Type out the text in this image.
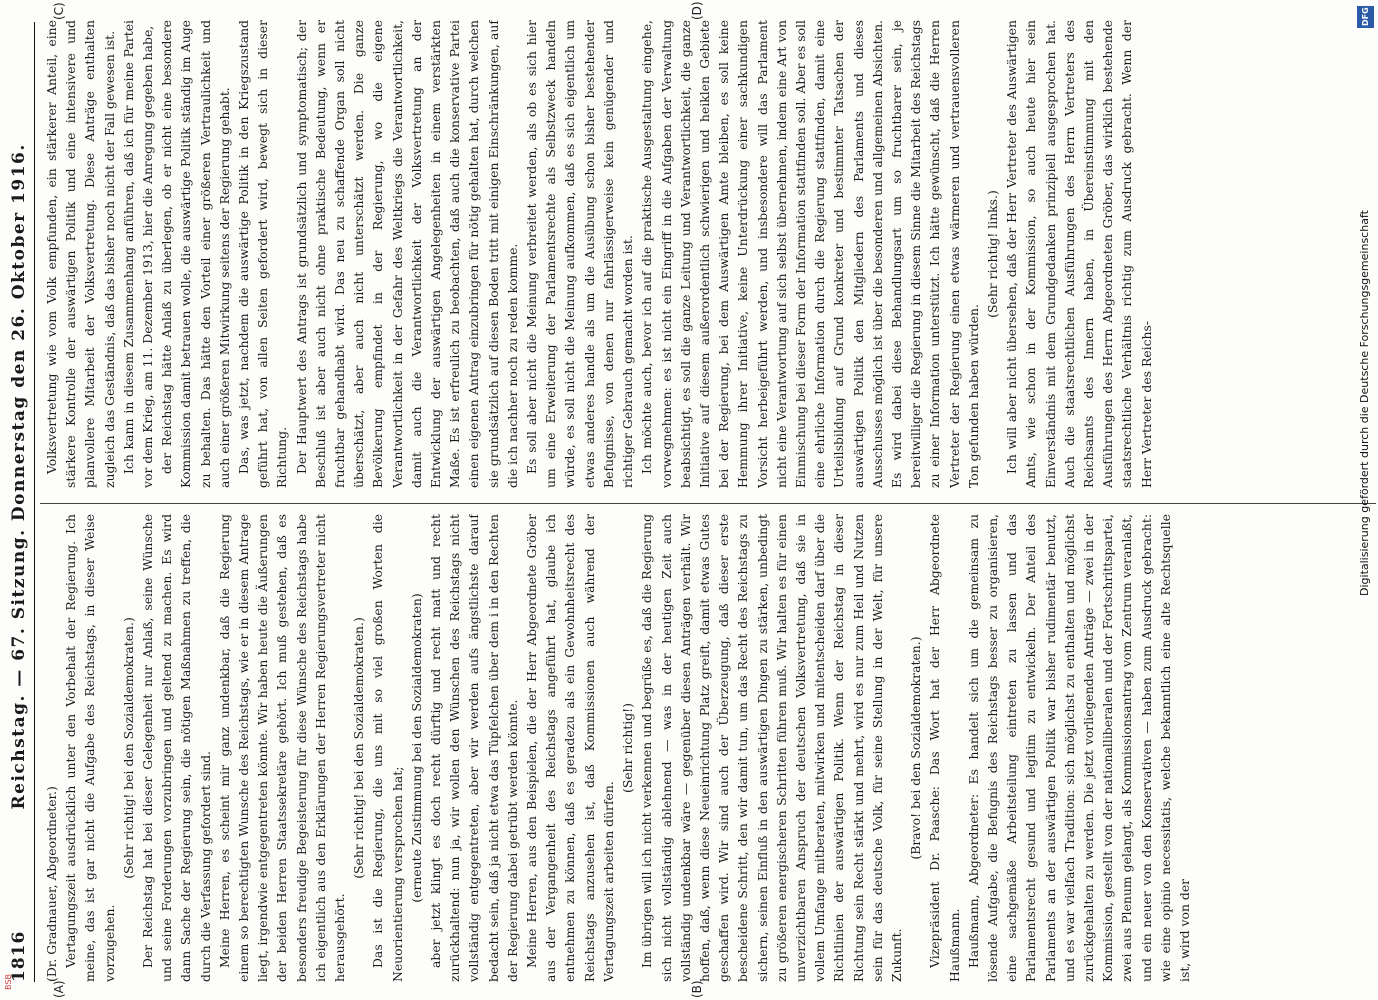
1816
Reichstag. — 67. Sitzung. Donnerstag den 26. Oktober 1916.
(A)	(B)
(C)	(D)

(Dr. Gradnauer, Abgeordneter.) Vertagungszeit ausdrücklich unter den Vorbehalt der Regierung. Ich meine, das ist gar nicht die Aufgabe des Reichstags, in dieser Weise vorzugehen.

(Sehr richtig! bei den Sozialdemokraten.) Der Reichstag hat bei dieser Gelegenheit nur Anlaß, seine Wünsche und seine Forderungen vorzubringen und geltend zu machen. Es wird dann Sache der Regierung sein, die nötigen Maßnahmen zu treffen, die durch die Verfassung gefordert sind. Meine Herren, es scheint mir ganz undenkbar, daß die Regierung einem so berechtigten Wunsche des Reichstags, wie er in diesem Antrage liegt, irgendwie entgegentreten könnte. Wir haben heute die Äußerungen der beiden Herren Staatssekretäre gehört. Ich muß gestehen, daß es besonders freudige Begeisterung für diese Wünsche des Reichstags habe ich eigentlich aus den Erklärungen der Herren Regierungsvertreter nicht herausgehört.

(Sehr richtig! bei den Sozialdemokraten.) Das ist die Regierung, die uns mit so viel großen Worten die Neuorientierung versprochen hat; (erneute Zustimmung bei den Sozialdemokraten) aber jetzt klingt es doch recht dürftig und recht matt und recht zurückhaltend: nun ja, wir wollen den Wünschen des Reichstags nicht vollständig entgegentreten, aber wir werden aufs ängstlichste darauf bedacht sein, daß ja nicht etwa das Tüpfelchen über dem i in den Rechten der Regierung dabei getrübt werden könnte. Meine Herren, aus den Beispielen, die der Herr Abgeordnete Gröber aus der Vergangenheit des Reichstags angeführt hat, glaube ich entnehmen zu können, daß es geradezu als ein Gewohnheitsrecht des Reichstags anzusehen ist, daß Kommissionen auch während der Vertagungszeit arbeiten dürfen.

(Sehr richtig!) Im übrigen will ich nicht verkennen und begrüße es, daß die Regierung sich nicht vollständig ablehnend — was in der heutigen Zeit auch vollständig undenkbar wäre — gegenüber diesen Anträgen verhält. Wir hoffen, daß, wenn diese Neueinrichtung Platz greift, damit etwas Gutes geschaffen wird. Wir sind auch der Überzeugung, daß dieser erste bescheidene Schritt, den wir damit tun, um das Recht des Reichstags zu sichern, seinen Einfluß in den auswärtigen Dingen zu stärken, unbedingt zu größeren energischeren Schritten führen muß. Wir halten es für einen unverzichtbaren Anspruch der deutschen Volksvertretung, daß sie in vollem Umfange mitberaten, mitwirken und mitentscheiden darf über die Richtlinien der auswärtigen Politik. Wenn der Reichstag in dieser Richtung sein Recht stärkt und mehrt, wird es nur zum Heil und Nutzen sein für das deutsche Volk, für seine Stellung in der Welt, für unsere Zukunft.

(Bravo! bei den Sozialdemokraten.) Vizepräsident Dr. Paasche: Das Wort hat der Herr Abgeordnete Haußmann. Haußmann, Abgeordneter: Es handelt sich um die gemeinsam zu lösende Aufgabe, die Befugnis des Reichstags besser zu organisieren, eine sachgemäße Arbeitsteilung eintreten zu lassen und das Parlamentsrecht gesund und legitim zu entwickeln. Der Anteil des Parlaments an der auswärtigen Politik war bisher rudimentär benutzt, und es war vielfach Tradition: sich möglichst zu enthalten und möglichst zurückgehalten zu werden. Die jetzt vorliegenden Anträge — zwei in der Kommission, gestellt von der nationalliberalen und der Fortschrittspartei, zwei aus Plenum gelangt, als Kommissionsantrag vom Zentrum veranlaßt, und ein neuer von den Konservativen — haben zum Ausdruck gebracht: wie eine opinio necessitatis, welche bekanntlich eine alte Rechtsquelle ist, wird von der

Volksvertretung wie vom Volk empfunden, ein stärkerer Anteil, eine stärkere Kontrolle der auswärtigen Politik und eine intensivere und planvollere Mitarbeit der Volksvertretung. Diese Anträge enthalten zugleich das Geständnis, daß das bisher noch nicht der Fall gewesen ist. Ich kann in diesem Zusammenhang anführen, daß ich für meine Partei vor dem Krieg, am 11. Dezember 1913, hier die Anregung gegeben habe, der Reichstag hätte Anlaß zu überlegen, ob er nicht eine besondere Kommission damit betrauen wolle, die auswärtige Politik ständig im Auge zu behalten. Das hätte den Vorteil einer größeren Vertraulichkeit und auch einer größeren Mitwirkung seitens der Regierung gehabt. Das, was jetzt, nachdem die auswärtige Politik in den Kriegszustand geführt hat, von allen Seiten gefordert wird, bewegt sich in dieser Richtung. Der Hauptwert des Antrags ist grundsätzlich und symptomatisch; der Beschluß ist aber auch nicht ohne praktische Bedeutung, wenn er fruchtbar gehandhabt wird. Das neu zu schaffende Organ soll nicht überschätzt, aber auch nicht unterschätzt werden. Die ganze Bevölkerung empfindet in der Regierung, wo die eigene Verantwortlichkeit in der Gefahr des Weltkriegs die Verantwortlichkeit, damit auch die Verantwortlichkeit der Volksvertretung an der Entwicklung der auswärtigen Angelegenheiten in einem verstärkten Maße. Es ist erfreulich zu beobachten, daß auch die konservative Partei einen eigenen Antrag einzubringen für nötig gehalten hat, durch welchen sie grundsätzlich auf diesen Boden tritt mit einigen Einschränkungen, auf die ich nachher noch zu reden komme. Es soll aber nicht die Meinung verbreitet werden, als ob es sich hier um eine Erweiterung der Parlamentsrechte als Selbstzweck handeln würde, es soll nicht die Meinung aufkommen, daß es sich eigentlich um etwas anderes handle als um die Ausübung schon bisher bestehender Befugnisse, von denen nur fahrlässigerweise kein genügender und richtiger Gebrauch gemacht worden ist. Ich möchte auch, bevor ich auf die praktische Ausgestaltung eingehe, vorwegnehmen: es ist nicht ein Eingriff in die Aufgaben der Verwaltung beabsichtigt, es soll die ganze Leitung und Verantwortlichkeit, die ganze Initiative auf diesem außerordentlich schwierigen und heiklen Gebiete bei der Regierung, bei dem Auswärtigen Amte bleiben, es soll keine Hemmung ihrer Initiative, keine Unterdrückung einer sachkundigen Vorsicht herbeigeführt werden, und insbesondere will das Parlament nicht eine Verantwortung auf sich selbst übernehmen, indem eine Art von Einmischung bei dieser Form der Information stattfinden soll. Aber es soll eine ehrliche Information durch die Regierung stattfinden, damit eine Urteilsbildung auf Grund konkreter und bestimmter Tatsachen der auswärtigen Politik den Mitgliedern des Parlaments und dieses Ausschusses möglich ist über die besonderen und allgemeinen Absichten. Es wird dabei diese Behandlungsart um so fruchtbarer sein, je bereitwilliger die Regierung in diesem Sinne die Mitarbeit des Reichstags zu einer Information unterstützt. Ich hätte gewünscht, daß die Herren Vertreter der Regierung einen etwas wärmeren und vertrauensvolleren Ton gefunden haben würden.

(Sehr richtig! links.) Ich will aber nicht übersehen, daß der Herr Vertreter des Auswärtigen Amts, wie schon in der Kommission, so auch heute hier sein Einverständnis mit dem Grundgedanken prinzipiell ausgesprochen hat. Auch die staatsrechtlichen Ausführungen des Herrn Vertreters des Reichsamts des Innern haben, in Übereinstimmung mit den Ausführungen des Herrn Abgeordneten Gröber, das wirklich bestehende staatsrechtliche Verhältnis richtig zum Ausdruck gebracht. Wenn der Herr Vertreter des Reichs-	Digitalisierung gefördert durch die Deutsche Forschungsgemeinschaft
DFG
BSB
